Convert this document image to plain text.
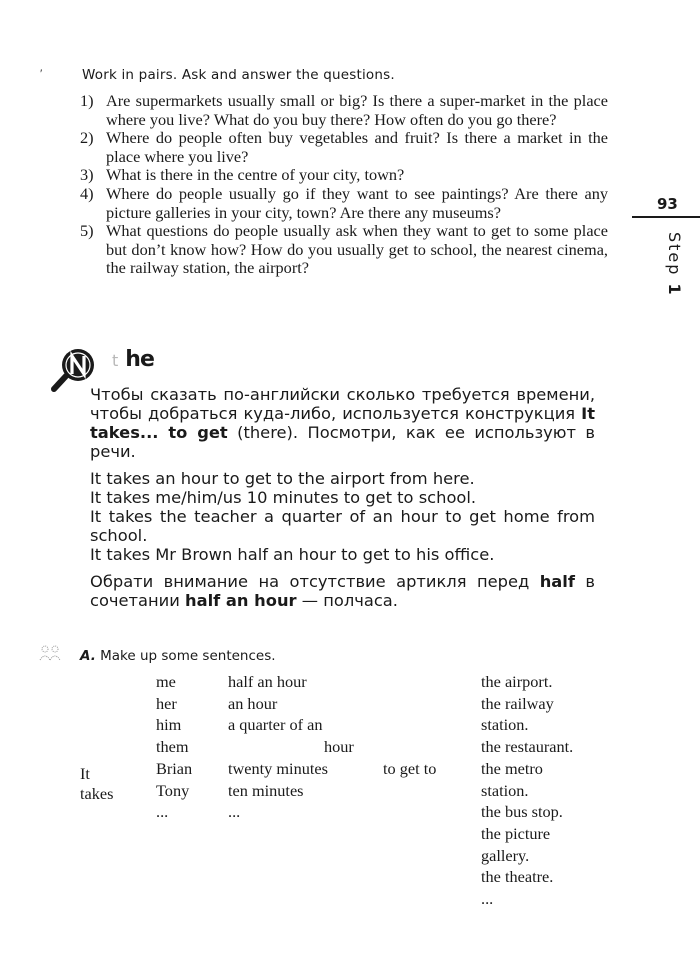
′	Work in pairs. Ask and answer the questions.
1) Are supermarkets usually small or big? Is there a super-market in the place where you live? What do you buy there? How often do you go there?
2) Where do people often buy vegetables and fruit? Is there a market in the place where you live?
3) What is there in the centre of your city, town?
4) Where do people usually go if they want to see paintings? Are there any picture galleries in your city, town? Are there any museums?
5) What questions do people usually ask when they want to get to some place but don’t know how? How do you usually get to school, the nearest cinema, the railway station, the airport?
93
Step 1
t he

Чтобы сказать по-английски сколько требуется времени, чтобы добраться куда-либо, используется конструкция It takes... to get (there). Посмотри, как ее используют в речи.

It takes an hour to get to the airport from here.
It takes me/him/us 10 minutes to get to school.
It takes the teacher a quarter of an hour to get home from school.
It takes Mr Brown half an hour to get to his office.

Обрати внимание на отсутствие артикля перед half в сочетании half an hour — полчаса.

A. Make up some sentences.
It
takes
me
her
him
them
Brian
Tony
...
half an hour
an hour
a quarter of an
hour
twenty minutes
ten minutes
...
to get to
the airport.
the railway
station.
the restaurant.
the metro
station.
the bus stop.
the picture
gallery.
the theatre.
...
